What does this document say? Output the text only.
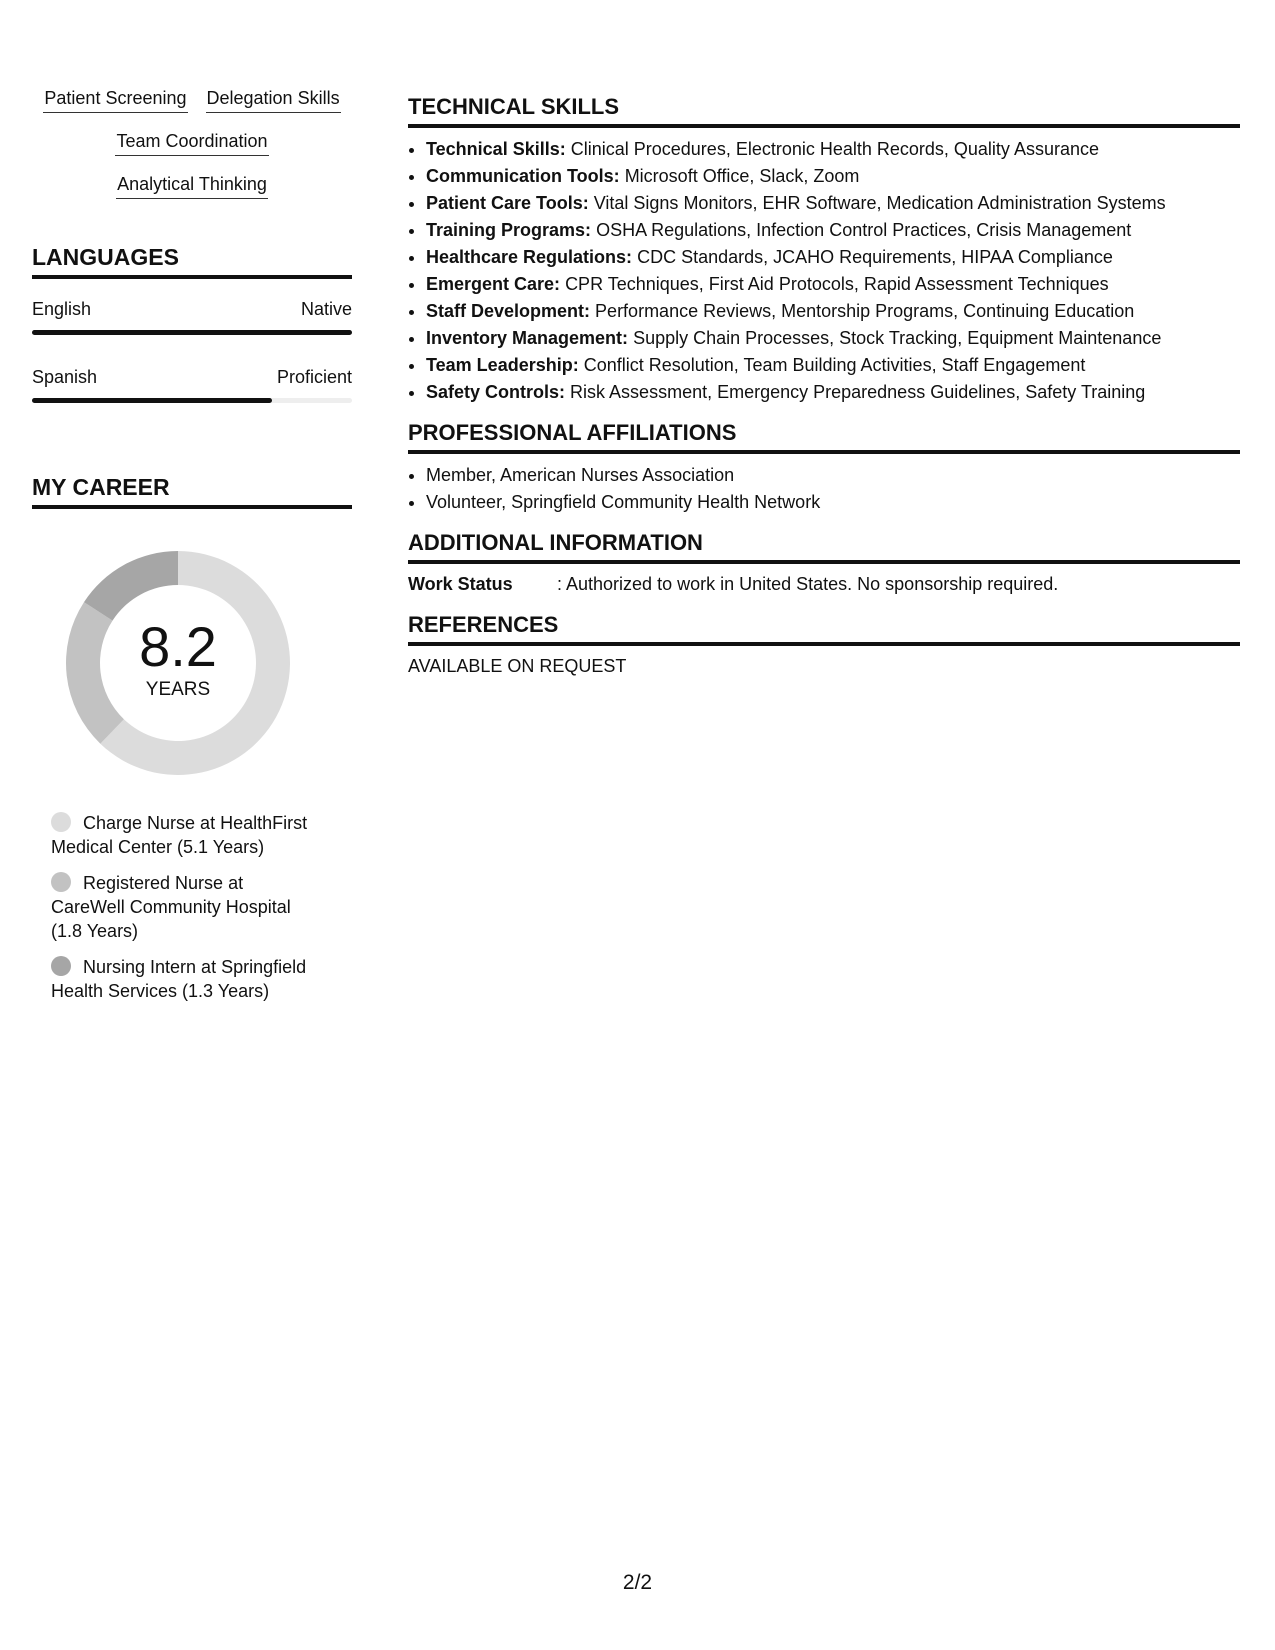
Patient Screening Delegation Skills
Team Coordination
Analytical Thinking
LANGUAGES
English	Native
Spanish	Proficient
MY CAREER
8.2
YEARS
Charge Nurse at HealthFirst Medical Center (5.1 Years)
Registered Nurse at CareWell Community Hospital (1.8 Years)
Nursing Intern at Springfield Health Services (1.3 Years)
TECHNICAL SKILLS
• Technical Skills: Clinical Procedures, Electronic Health Records, Quality Assurance
• Communication Tools: Microsoft Office, Slack, Zoom
• Patient Care Tools: Vital Signs Monitors, EHR Software, Medication Administration Systems
• Training Programs: OSHA Regulations, Infection Control Practices, Crisis Management
• Healthcare Regulations: CDC Standards, JCAHO Requirements, HIPAA Compliance
• Emergent Care: CPR Techniques, First Aid Protocols, Rapid Assessment Techniques
• Staff Development: Performance Reviews, Mentorship Programs, Continuing Education
• Inventory Management: Supply Chain Processes, Stock Tracking, Equipment Maintenance
• Team Leadership: Conflict Resolution, Team Building Activities, Staff Engagement
• Safety Controls: Risk Assessment, Emergency Preparedness Guidelines, Safety Training
PROFESSIONAL AFFILIATIONS
• Member, American Nurses Association
• Volunteer, Springfield Community Health Network
ADDITIONAL INFORMATION
Work Status	: Authorized to work in United States. No sponsorship required.
REFERENCES
AVAILABLE ON REQUEST
2/2
